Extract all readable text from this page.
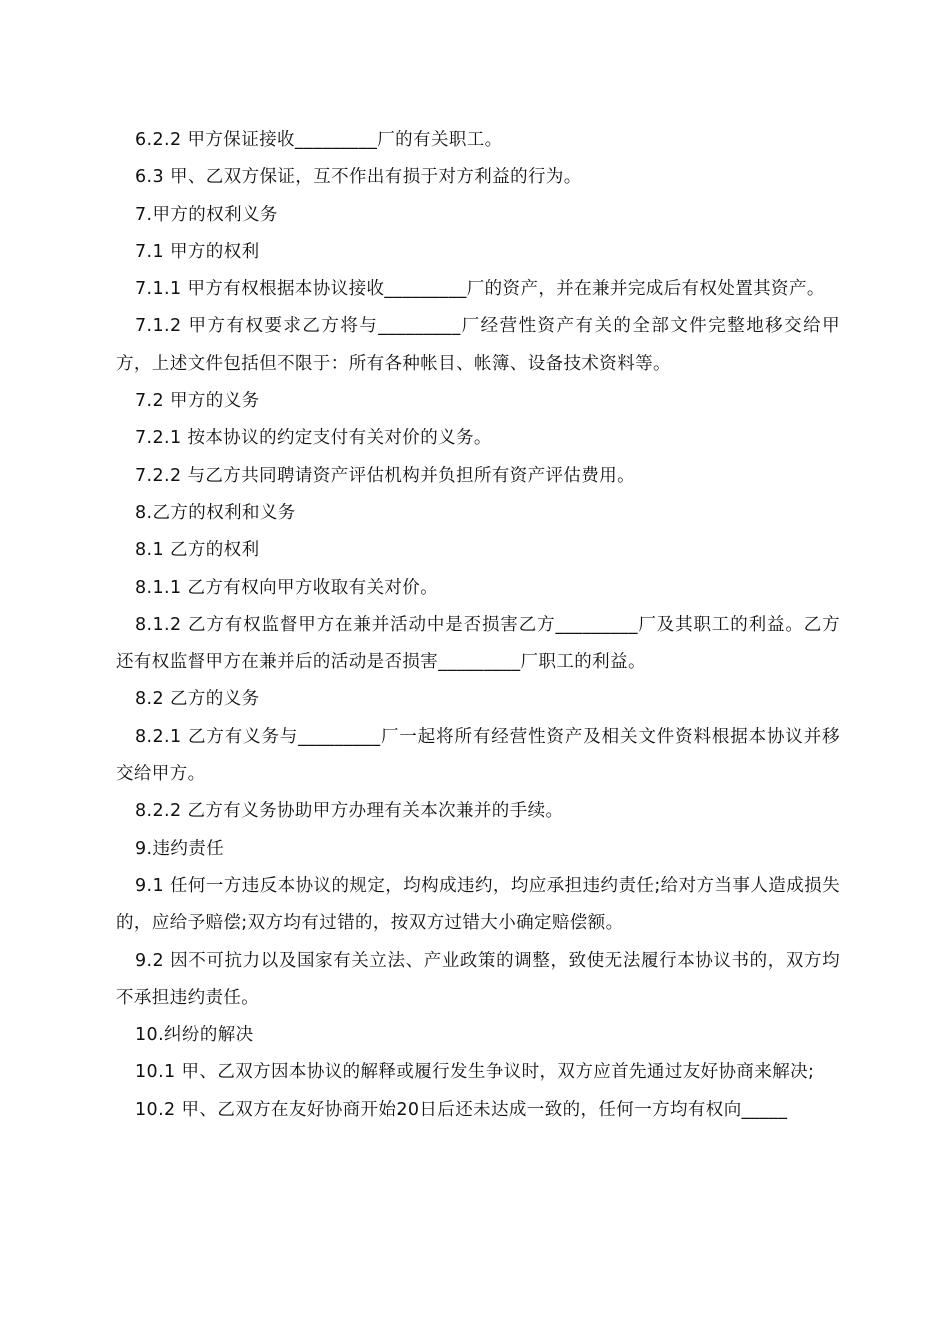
6.2.2 甲方保证接收_________厂的有关职工。

6.3 甲、乙双方保证，互不作出有损于对方利益的行为。

7.甲方的权利义务

7.1 甲方的权利

7.1.1 甲方有权根据本协议接收_________厂的资产，并在兼并完成后有权处置其资产。

7.1.2 甲方有权要求乙方将与_________厂经营性资产有关的全部文件完整地移交给甲方，上述文件包括但不限于：所有各种帐目、帐簿、设备技术资料等。

7.2 甲方的义务

7.2.1 按本协议的约定支付有关对价的义务。

7.2.2 与乙方共同聘请资产评估机构并负担所有资产评估费用。

8.乙方的权利和义务

8.1 乙方的权利

8.1.1 乙方有权向甲方收取有关对价。

8.1.2 乙方有权监督甲方在兼并活动中是否损害乙方_________厂及其职工的利益。乙方还有权监督甲方在兼并后的活动是否损害_________厂职工的利益。

8.2 乙方的义务

8.2.1 乙方有义务与_________厂一起将所有经营性资产及相关文件资料根据本协议并移交给甲方。

8.2.2 乙方有义务协助甲方办理有关本次兼并的手续。

9.违约责任

9.1 任何一方违反本协议的规定，均构成违约，均应承担违约责任;给对方当事人造成损失的，应给予赔偿;双方均有过错的，按双方过错大小确定赔偿额。

9.2 因不可抗力以及国家有关立法、产业政策的调整，致使无法履行本协议书的，双方均不承担违约责任。

10.纠纷的解决

10.1 甲、乙双方因本协议的解释或履行发生争议时，双方应首先通过友好协商来解决;

10.2 甲、乙双方在友好协商开始20日后还未达成一致的，任何一方均有权向_____
